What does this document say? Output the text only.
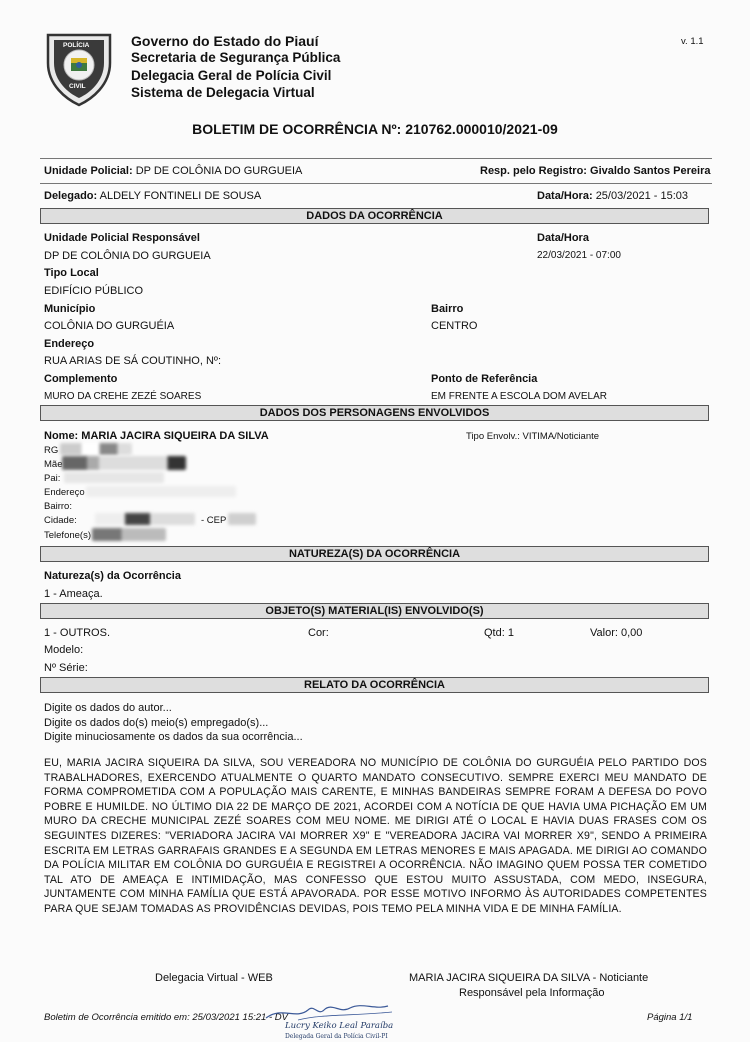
POLÍCIA
CIVIL
Governo do Estado do Piauí
Secretaria de Segurança Pública
Delegacia Geral de Polícia Civil
Sistema de Delegacia Virtual
v. 1.1
BOLETIM DE OCORRÊNCIA Nº: 210762.000010/2021-09
Unidade Policial: DP DE COLÔNIA DO GURGUEIA	Resp. pelo Registro: Givaldo Santos Pereira
Delegado: ALDELY FONTINELI DE SOUSA	Data/Hora: 25/03/2021 - 15:03
DADOS DA OCORRÊNCIA
Unidade Policial Responsável
DP DE COLÔNIA DO GURGUEIA
Data/Hora
22/03/2021 - 07:00
Tipo Local
EDIFÍCIO PÚBLICO
Município
COLÔNIA DO GURGUÉIA
Bairro
CENTRO
Endereço
RUA ARIAS DE SÁ COUTINHO, Nº:
Complemento
MURO DA CREHE ZEZÉ SOARES
Ponto de Referência
EM FRENTE A ESCOLA DOM AVELAR
DADOS DOS PERSONAGENS ENVOLVIDOS
Nome: MARIA JACIRA SIQUEIRA DA SILVA	Tipo Envolv.: VITIMA/Noticiante
RG
Mãe
Pai:
Endereço
Bairro:
Cidade:	- CEP
Telefone(s)
NATUREZA(S) DA OCORRÊNCIA
Natureza(s) da Ocorrência
1 - Ameaça.
OBJETO(S) MATERIAL(IS) ENVOLVIDO(S)
1 - OUTROS.	Cor:	Qtd: 1	Valor: 0,00
Modelo:
Nº Série:
RELATO DA OCORRÊNCIA
Digite os dados do autor...
Digite os dados do(s) meio(s) empregado(s)...
Digite minuciosamente os dados da sua ocorrência...
EU, MARIA JACIRA SIQUEIRA DA SILVA, SOU VEREADORA NO MUNICÍPIO DE COLÔNIA DO GURGUÉIA PELO PARTIDO DOS TRABALHADORES, EXERCENDO ATUALMENTE O QUARTO MANDATO CONSECUTIVO. SEMPRE EXERCI MEU MANDATO DE FORMA COMPROMETIDA COM A POPULAÇÃO MAIS CARENTE, E MINHAS BANDEIRAS SEMPRE FORAM A DEFESA DO POVO POBRE E HUMILDE. NO ÚLTIMO DIA 22 DE MARÇO DE 2021, ACORDEI COM A NOTÍCIA DE QUE HAVIA UMA PICHAÇÃO EM UM MURO DA CRECHE MUNICIPAL ZEZÉ SOARES COM MEU NOME. ME DIRIGI ATÉ O LOCAL E HAVIA DUAS FRASES COM OS SEGUINTES DIZERES: "VERIADORA JACIRA VAI MORRER X9" E "VEREADORA JACIRA VAI MORRER X9", SENDO A PRIMEIRA ESCRITA EM LETRAS GARRAFAIS GRANDES E A SEGUNDA EM LETRAS MENORES E MAIS APAGADA. ME DIRIGI AO COMANDO DA POLÍCIA MILITAR EM COLÔNIA DO GURGUÉIA E REGISTREI A OCORRÊNCIA. NÃO IMAGINO QUEM POSSA TER COMETIDO TAL ATO DE AMEAÇA E INTIMIDAÇÃO, MAS CONFESSO QUE ESTOU MUITO ASSUSTADA, COM MEDO, INSEGURA, JUNTAMENTE COM MINHA FAMÍLIA QUE ESTÁ APAVORADA. POR ESSE MOTIVO INFORMO ÀS AUTORIDADES COMPETENTES PARA QUE SEJAM TOMADAS AS PROVIDÊNCIAS DEVIDAS, POIS TEMO PELA MINHA VIDA E DE MINHA FAMÍLIA.
Delegacia Virtual - WEB	MARIA JACIRA SIQUEIRA DA SILVA - Noticiante
Responsável pela Informação
Boletim de Ocorrência emitido em: 25/03/2021 15:21 - DV	Página 1/1
Lucry Keiko Leal Paraíba
Delegada Geral da Polícia Civil-PI
